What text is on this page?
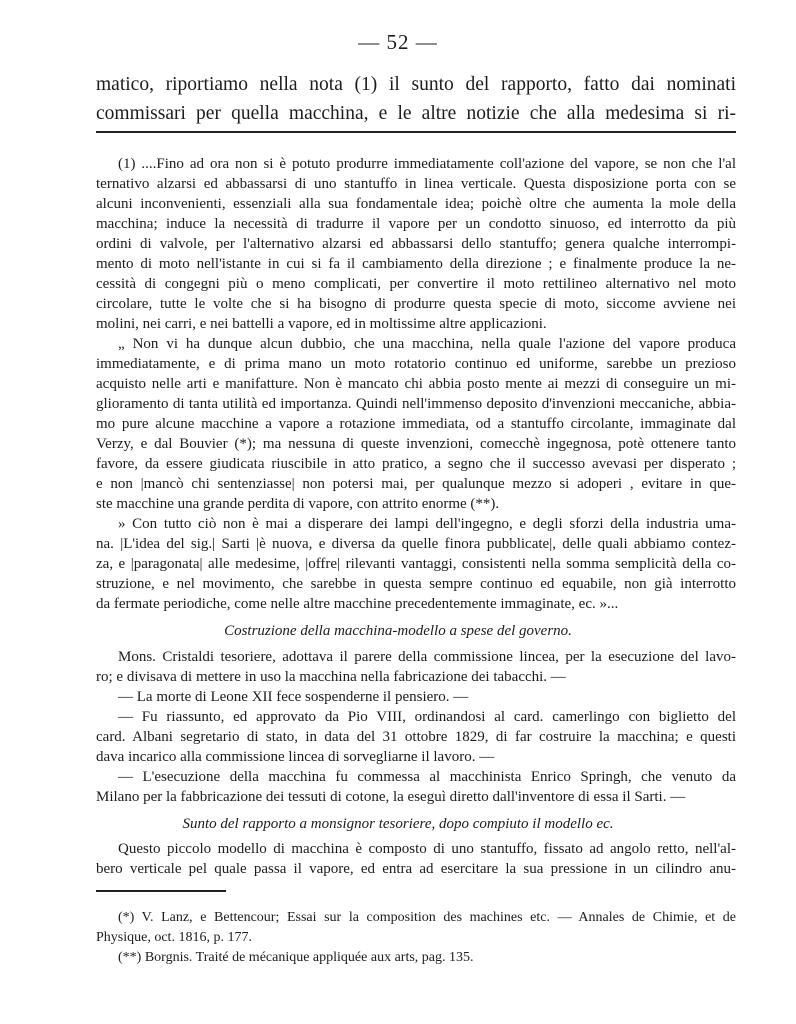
— 52 —
matico, riportiamo nella nota (1) il sunto del rapporto, fatto dai nominati
commissari per quella macchina, e le altre notizie che alla medesima si ri-
(1) ....Fino ad ora non si è potuto produrre immediatamente coll'azione del vapore, se non che l'al
ternativo alzarsi ed abbassarsi di uno stantuffo in linea verticale. Questa disposizione porta con se
alcuni inconvenienti, essenziali alla sua fondamentale idea; poichè oltre che aumenta la mole della
macchina; induce la necessità di tradurre il vapore per un condotto sinuoso, ed interrotto da più
ordini di valvole, per l'alternativo alzarsi ed abbassarsi dello stantuffo; genera qualche interrompi-
mento di moto nell'istante in cui si fa il cambiamento della direzione ; e finalmente produce la ne-
cessità di congegni più o meno complicati, per convertire il moto rettilineo alternativo nel moto
circolare, tutte le volte che si ha bisogno di produrre questa specie di moto, siccome avviene nei
molini, nei carri, e nei battelli a vapore, ed in moltissime altre applicazioni.
„ Non vi ha dunque alcun dubbio, che una macchina, nella quale l'azione del vapore produca
immediatamente, e di prima mano un moto rotatorio continuo ed uniforme, sarebbe un prezioso
acquisto nelle arti e manifatture. Non è mancato chi abbia posto mente ai mezzi di conseguire un mi-
glioramento di tanta utilità ed importanza. Quindi nell'immenso deposito d'invenzioni meccaniche, abbia-
mo pure alcune macchine a vapore a rotazione immediata, od a stantuffo circolante, immaginate dal
Verzy, e dal Bouvier (*); ma nessuna di queste invenzioni, comecchè ingegnosa, potè ottenere tanto
favore, da essere giudicata riuscibile in atto pratico, a segno che il successo avevasi per disperato ;
e non |mancò chi sentenziasse| non potersi mai, per qualunque mezzo si adoperi , evitare in que-
ste macchine una grande perdita di vapore, con attrito enorme (**).
» Con tutto ciò non è mai a disperare dei lampi dell'ingegno, e degli sforzi della industria uma-
na. |L'idea del sig.| Sarti |è nuova, e diversa da quelle finora pubblicate|, delle quali abbiamo contez-
za, e |paragonata| alle medesime, |offre| rilevanti vantaggi, consistenti nella somma semplicità della co-
struzione, e nel movimento, che sarebbe in questa sempre continuo ed equabile, non già interrotto
da fermate periodiche, come nelle altre macchine precedentemente immaginate, ec. »...
Costruzione della macchina-modello a spese del governo.
Mons. Cristaldi tesoriere, adottava il parere della commissione lincea, per la esecuzione del lavo-
ro; e divisava di mettere in uso la macchina nella fabricazione dei tabacchi. —
— La morte di Leone XII fece sospenderne il pensiero. —
— Fu riassunto, ed approvato da Pio VIII, ordinandosi al card. camerlingo con biglietto del
card. Albani segretario di stato, in data del 31 ottobre 1829, di far costruire la macchina; e questi
dava incarico alla commissione lincea di sorvegliarne il lavoro. —
— L'esecuzione della macchina fu commessa al macchinista Enrico Springh, che venuto da
Milano per la fabbricazione dei tessuti di cotone, la eseguì diretto dall'inventore di essa il Sarti. —
Sunto del rapporto a monsignor tesoriere, dopo compiuto il modello ec.
Questo piccolo modello di macchina è composto di uno stantuffo, fissato ad angolo retto, nell'al-
bero verticale pel quale passa il vapore, ed entra ad esercitare la sua pressione in un cilindro anu-
(*) V. Lanz, e Bettencour; Essai sur la composition des machines etc. — Annales de Chimie, et de
Physique, oct. 1816, p. 177.
(**) Borgnis. Traité de mécanique appliquée aux arts, pag. 135.
